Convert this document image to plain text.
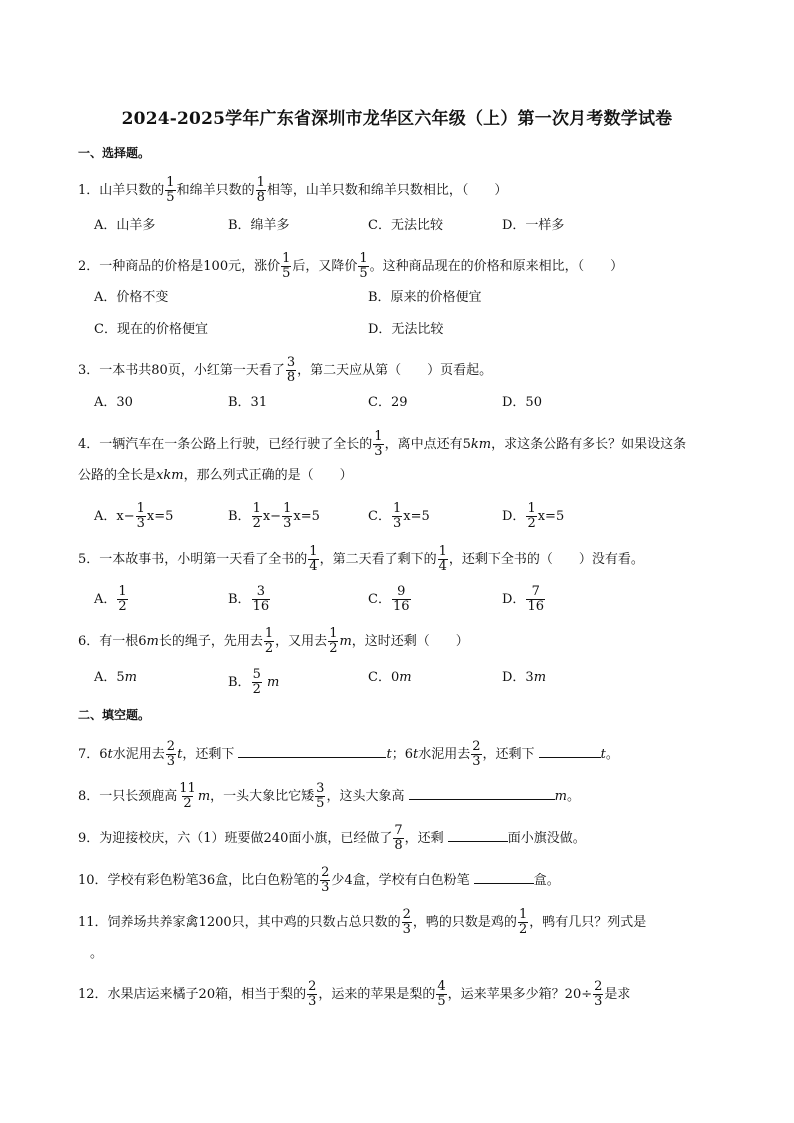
2024-2025学年广东省深圳市龙华区六年级（上）第一次月考数学试卷
一、选择题。
1．山羊只数的 $\frac{1}{5}$ 和绵羊只数的 $\frac{1}{8}$ 相等，山羊只数和绵羊只数相比，（　　）
A．山羊多	B．绵羊多	C．无法比较	D．一样多
2．一种商品的价格是100元，涨价 $\frac{1}{5}$ 后，又降价 $\frac{1}{5}$ 。这种商品现在的价格和原来相比，（　　）
A．价格不变	B．原来的价格便宜
C．现在的价格便宜	D．无法比较
3．一本书共80页，小红第一天看了 $\frac{3}{8}$ ，第二天应从第（　　）页看起。
A．30	B．31	C．29	D．50
4．一辆汽车在一条公路上行驶，已经行驶了全长的 $\frac{1}{3}$ ，离中点还有5km，求这条公路有多长？如果设这条
公路的全长是xkm，那么列式正确的是（　　）
A．$x- \frac{1}{3} x=5$	B． $\frac{1}{2} x- \frac{1}{3} x=5$	C． $\frac{1}{3} x=5$	D． $\frac{1}{2} x=5$
5．一本故事书，小明第一天看了全书的 $\frac{1}{4}$ ，第二天看了剩下的 $\frac{1}{4}$ ，还剩下全书的（　　）没有看。
A． $\frac{1}{2}$	B． $\frac{3}{16}$	C． $\frac{9}{16}$	D． $\frac{7}{16}$
6．有一根6m长的绳子，先用去 $\frac{1}{2}$ ，又用去 $\frac{1}{2}$ m，这时还剩（　　）
A．5m	B． $\frac{5}{2}$ m	C．0m	D．3m
二、填空题。
7．6t水泥用去 $\frac{2}{3}$ t，还剩下	t；6t水泥用去 $\frac{2}{3}$ ，还剩下	t。
8．一只长颈鹿高 $\frac{11}{2}$ m，一头大象比它矮 $\frac{3}{5}$ ，这头大象高	m。
9．为迎接校庆，六（1）班要做240面小旗，已经做了 $\frac{7}{8}$ ，还剩	面小旗没做。
10．学校有彩色粉笔36盒，比白色粉笔的 $\frac{2}{3}$ 少4盒，学校有白色粉笔	盒。
11．饲养场共养家禽1200只，其中鸡的只数占总只数的 $\frac{2}{3}$ ，鸭的只数是鸡的 $\frac{1}{2}$ ，鸭有几只？列式是
。
12．水果店运来橘子20箱，相当于梨的 $\frac{2}{3}$ ，运来的苹果是梨的 $\frac{4}{5}$ ，运来苹果多少箱？$20\div \frac{2}{3}$ 是求
